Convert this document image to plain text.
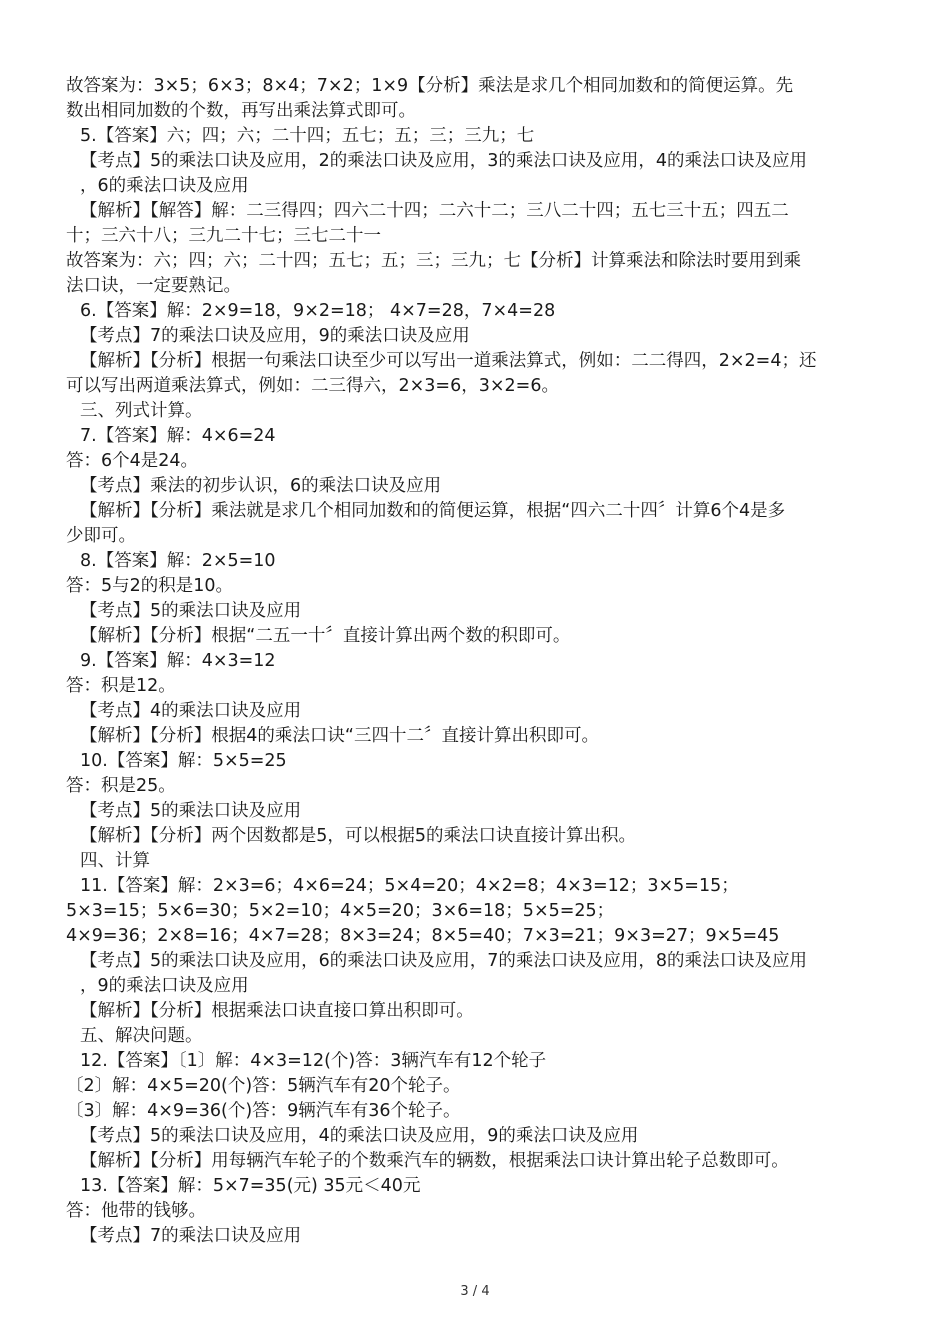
故答案为：3×5；6×3；8×4；7×2；1×9【分析】乘法是求几个相同加数和的简便运算。先
数出相同加数的个数，再写出乘法算式即可。
5.【答案】六；四；六；二十四；五七；五；三；三九；七
【考点】5的乘法口诀及应用，2的乘法口诀及应用，3的乘法口诀及应用，4的乘法口诀及应用
，6的乘法口诀及应用
【解析】【解答】解：二三得四；四六二十四；二六十二；三八二十四；五七三十五；四五二
十；三六十八；三九二十七；三七二十一
故答案为：六；四；六；二十四；五七；五；三；三九；七【分析】计算乘法和除法时要用到乘
法口诀，一定要熟记。
6.【答案】解：2×9=18，9×2=18； 4×7=28，7×4=28
【考点】7的乘法口诀及应用，9的乘法口诀及应用
【解析】【分析】根据一句乘法口诀至少可以写出一道乘法算式，例如：二二得四，2×2=4；还
可以写出两道乘法算式，例如：二三得六，2×3=6，3×2=6。
三、列式计算。
7.【答案】解：4×6=24
答：6个4是24。
【考点】乘法的初步认识，6的乘法口诀及应用
【解析】【分析】乘法就是求几个相同加数和的简便运算，根据“四六二十四〞计算6个4是多
少即可。
8.【答案】解：2×5=10
答：5与2的积是10。
【考点】5的乘法口诀及应用
【解析】【分析】根据“二五一十〞直接计算出两个数的积即可。
9.【答案】解：4×3=12
答：积是12。
【考点】4的乘法口诀及应用
【解析】【分析】根据4的乘法口诀“三四十二〞直接计算出积即可。
10.【答案】解：5×5=25
答：积是25。
【考点】5的乘法口诀及应用
【解析】【分析】两个因数都是5，可以根据5的乘法口诀直接计算出积。
四、计算
11.【答案】解：2×3=6；4×6=24；5×4=20；4×2=8；4×3=12；3×5=15；
5×3=15；5×6=30；5×2=10；4×5=20；3×6=18；5×5=25；
4×9=36；2×8=16；4×7=28；8×3=24；8×5=40；7×3=21；9×3=27；9×5=45
【考点】5的乘法口诀及应用，6的乘法口诀及应用，7的乘法口诀及应用，8的乘法口诀及应用
，9的乘法口诀及应用
【解析】【分析】根据乘法口诀直接口算出积即可。
五、解决问题。
12.【答案】〔1〕解：4×3=12(个)答：3辆汽车有12个轮子
〔2〕解：4×5=20(个)答：5辆汽车有20个轮子。
〔3〕解：4×9=36(个)答：9辆汽车有36个轮子。
【考点】5的乘法口诀及应用，4的乘法口诀及应用，9的乘法口诀及应用
【解析】【分析】用每辆汽车轮子的个数乘汽车的辆数，根据乘法口诀计算出轮子总数即可。
13.【答案】解：5×7=35(元) 35元＜40元
答：他带的钱够。
【考点】7的乘法口诀及应用
3 / 4
